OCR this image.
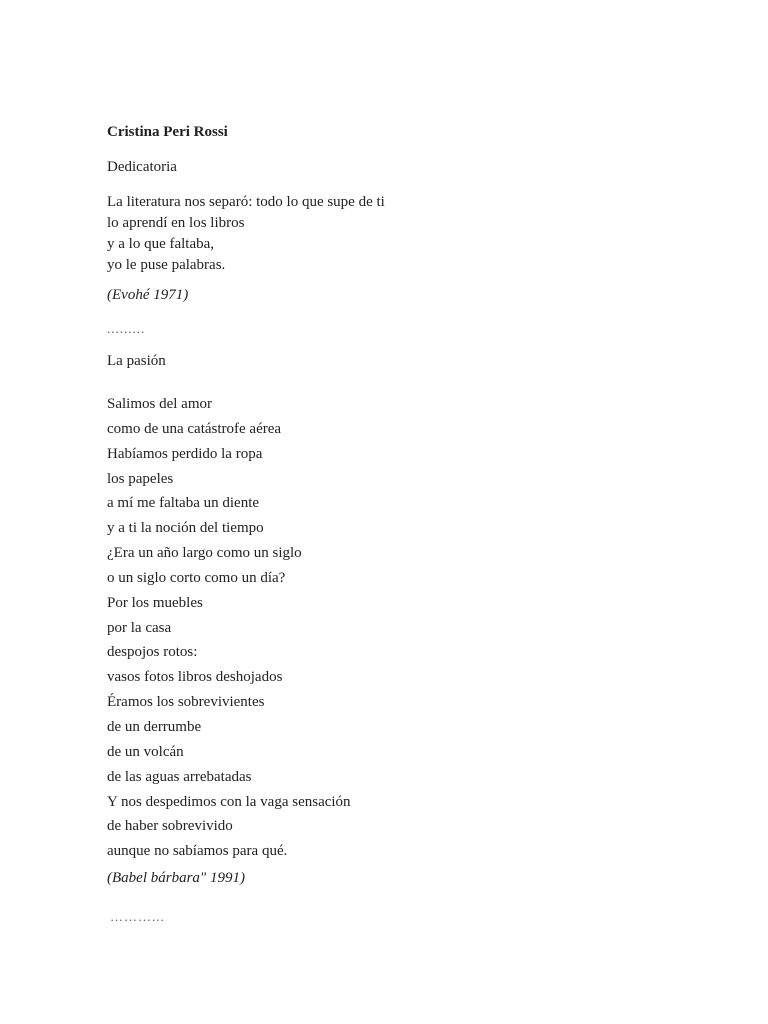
Cristina Peri Rossi
Dedicatoria
La literatura nos separó: todo lo que supe de ti
lo aprendí en los libros
y a lo que faltaba,
yo le puse palabras.
(Evohé 1971)
.........
La pasión
Salimos del amor
como de una catástrofe aérea
Habíamos perdido la ropa
los papeles
a mí me faltaba un diente
y a ti la noción del tiempo
¿Era un año largo como un siglo
o un siglo corto como un día?
Por los muebles
por la casa
despojos rotos:
vasos fotos libros deshojados
Éramos los sobrevivientes
de un derrumbe
de un volcán
de las aguas arrebatadas
Y nos despedimos con la vaga sensación
de haber sobrevivido
aunque no sabíamos para qué.
(Babel bárbara" 1991)
………...
